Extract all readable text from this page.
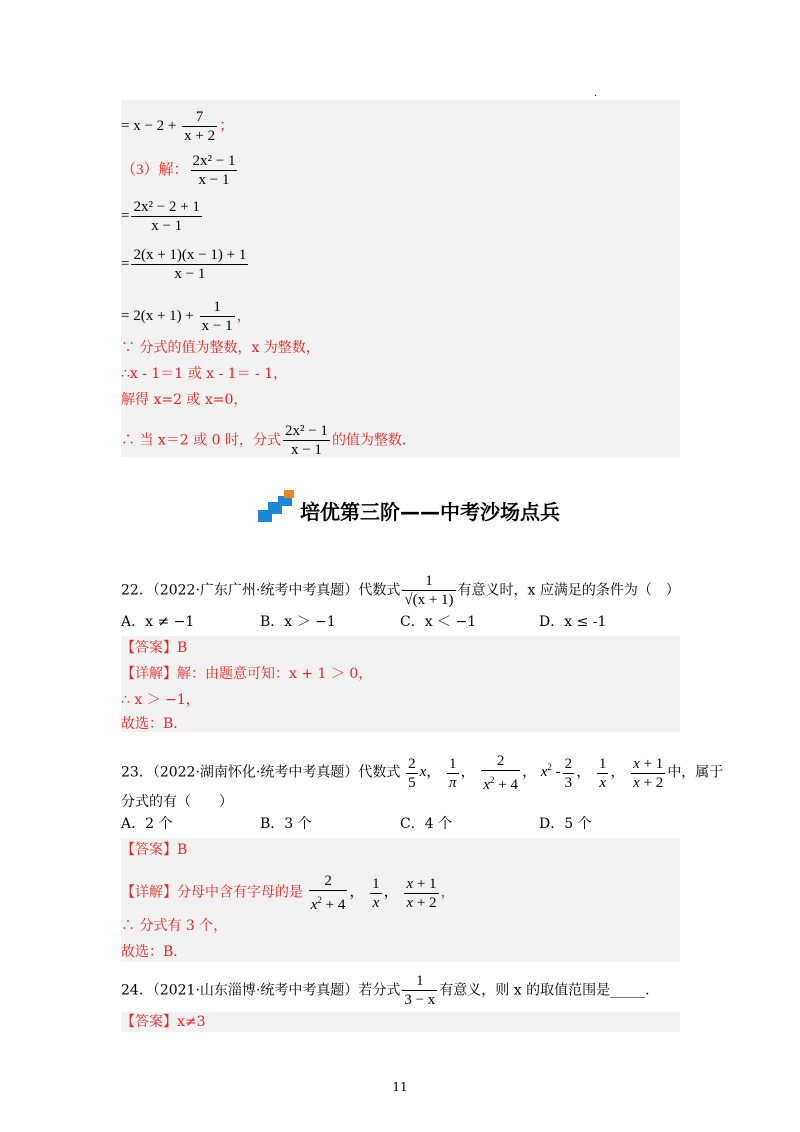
.
= $x - 2 + \frac{7}{x + 2}$ ；
（3）解： $\frac{\text{2x² − 1}}{x - 1}$
= $\frac{\text{2x² − 2 + 1}}{x - 1}$
= $\frac{2(x + 1)(x - 1) + 1}{x - 1}$
= $2(x + 1) + \frac{1}{x - 1}$ ，
∵ 分式的值为整数，x 为整数，
∴x - 1＝1 或 x - 1＝ - 1，
解得 x=2 或 x=0，
∴ 当 x＝2 或 0 时，分式 $\frac{\text{2x² − 1}}{x - 1}$ 的值为整数.
培优第三阶——中考沙场点兵
22．（2022·广东广州·统考中考真题）代数式 $\frac{1}{√(x + 1)}$ 有意义时，x 应满足的条件为（　）
A．x ≠ −1	B．x ＞ −1	C．x ＜ −1	D．x ≤ -1
【答案】B
【详解】解：由题意可知：x + 1 ＞ 0，
∴ x ＞ −1，
故选：B．
23．（2022·湖南怀化·统考中考真题）代数式 $\frac{2}{5}$ x， $\frac{1}{\pi}$ ， $\frac{2}{x^2 + 4}$ ， $x^2 - \frac{2}{3}$ ， $\frac{1}{x}$ ， $\frac{x + 1}{x + 2}$ 中，属于
分式的有（　　）
A．2 个	B．3 个	C．4 个	D．5 个
【答案】B
【详解】分母中含有字母的是 $\frac{2}{x^2 + 4}$ ， $\frac{1}{x}$ ， $\frac{x + 1}{x + 2}$ ，
∴ 分式有 3 个，
故选：B．
24．（2021·山东淄博·统考中考真题）若分式 $\frac{1}{3 - x}$ 有意义，则 x 的取值范围是_____．
【答案】x≠3
11
